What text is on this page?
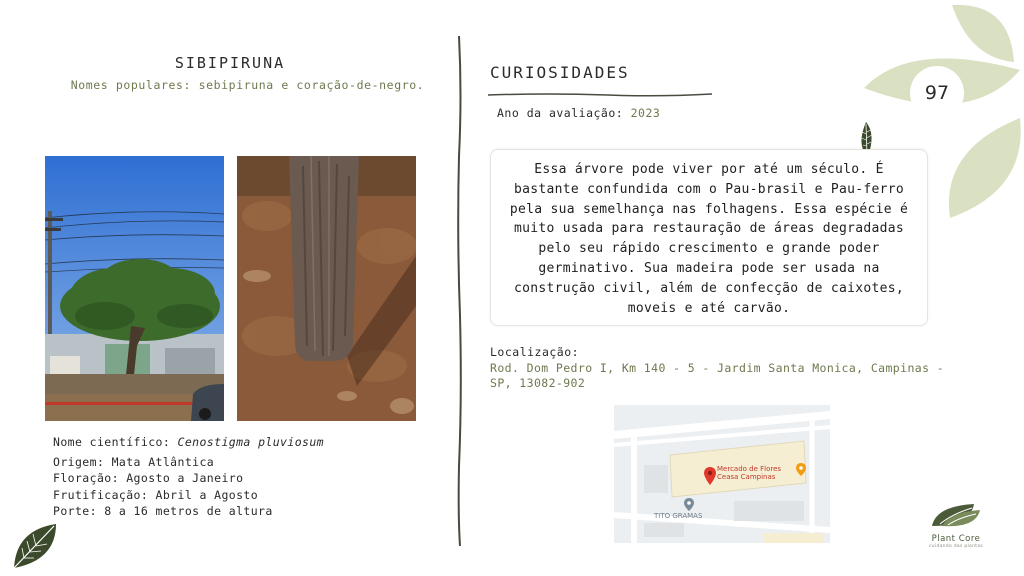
SIBIPIRUNA
Nomes populares: sebipiruna e coração-de-negro.
Nome científico: Cenostigma pluviosum
Origem: Mata Atlântica
Floração: Agosto a Janeiro
Frutificação: Abril a Agosto
Porte: 8 a 16 metros de altura
CURIOSIDADES
Ano da avaliação: 2023

Essa árvore pode viver por até um século. É bastante confundida com o Pau-brasil e Pau-ferro pela sua semelhança nas folhagens. Essa espécie é muito usada para restauração de áreas degradadas pelo seu rápido crescimento e grande poder germinativo. Sua madeira pode ser usada na construção civil, além de confecção de caixotes, moveis e até carvão.

Localização:
Rod. Dom Pedro I, Km 140 - 5 - Jardim Santa Monica, Campinas - SP, 13082-902
Mercado de Flores Ceasa Campinas
TITO GRAMAS
97
Plant Core
cuidando das plantas
